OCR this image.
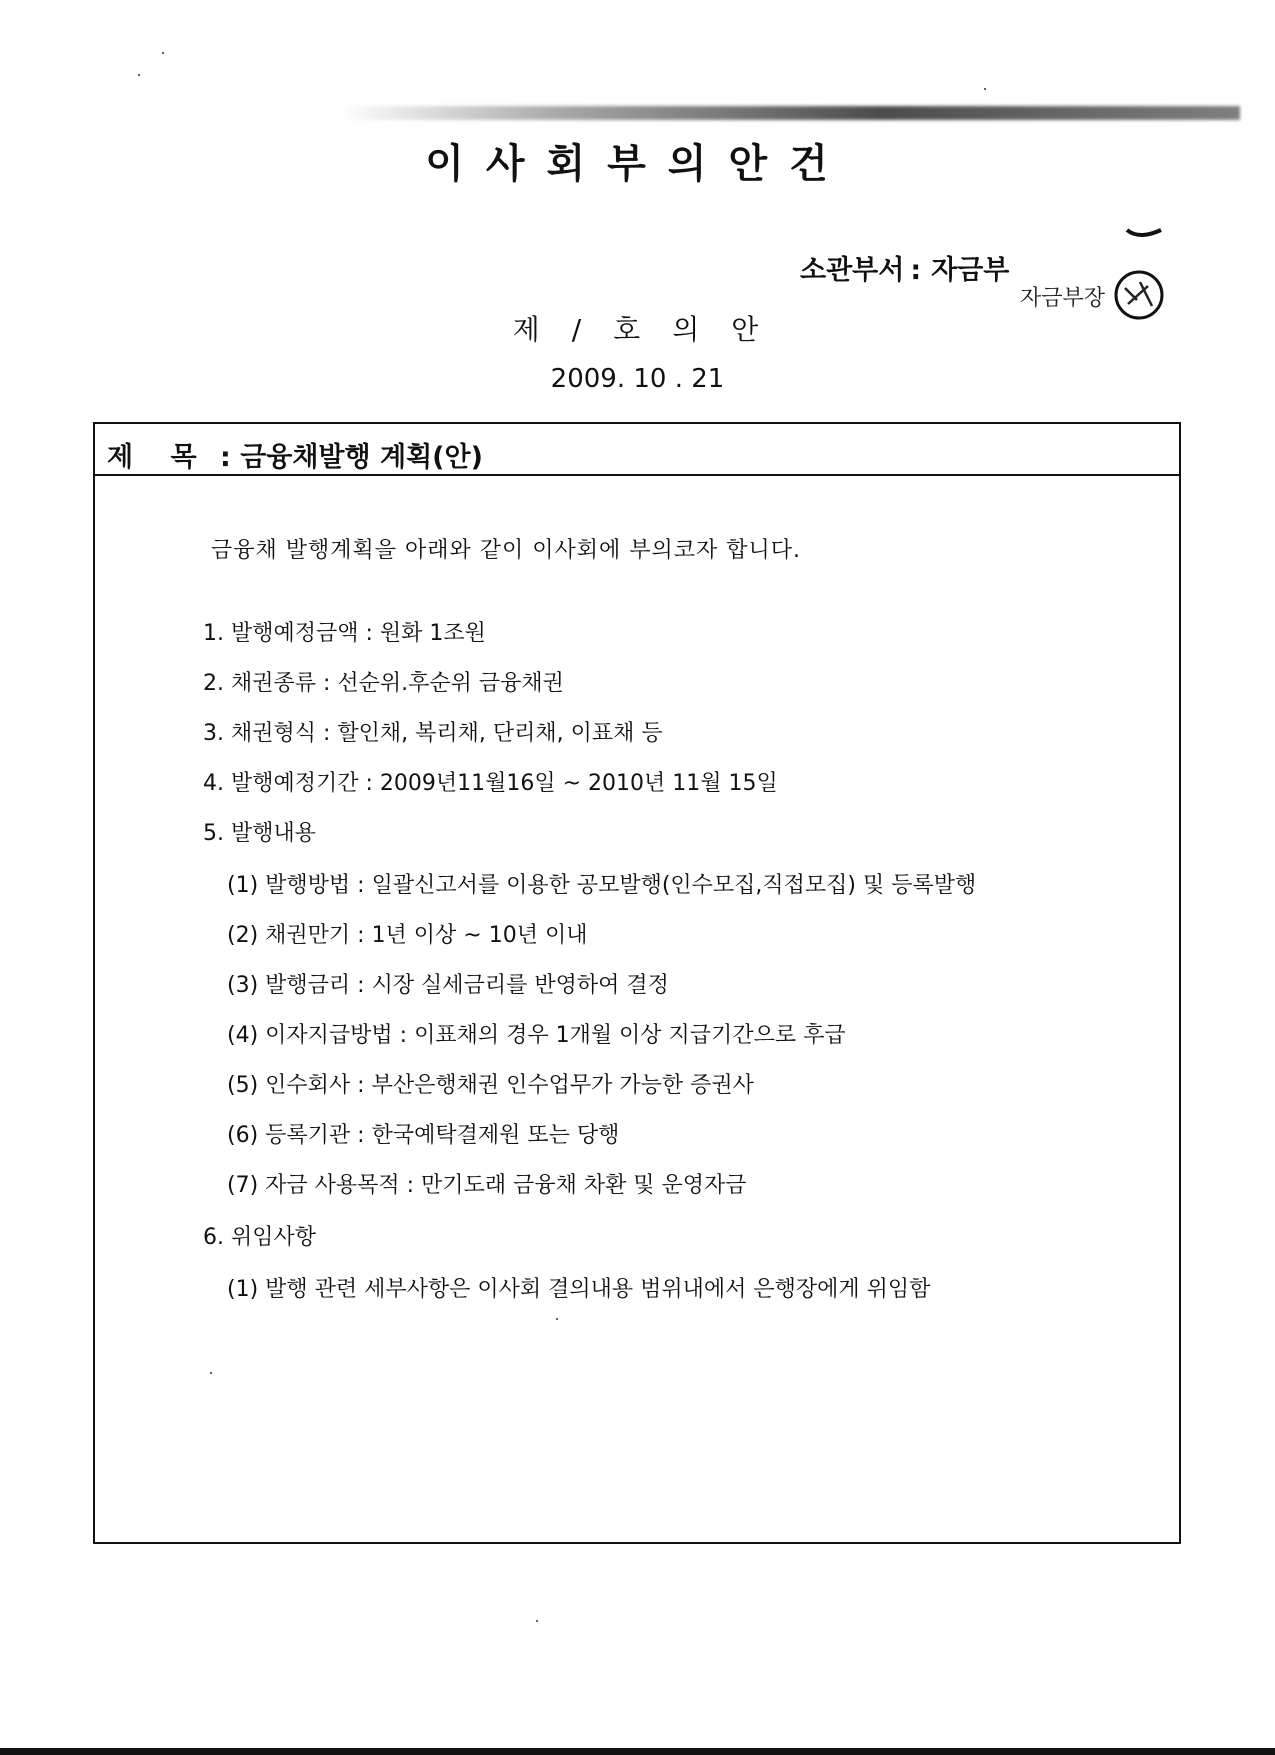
이사회부의안건
소관부서 : 자금부
자금부장
제 / 호 의 안
2009. 10 . 21
제 목 : 금융채발행 계획(안)
금융채 발행계획을 아래와 같이 이사회에 부의코자 합니다.
1. 발행예정금액 : 원화 1조원
2. 채권종류 : 선순위.후순위 금융채권
3. 채권형식 : 할인채, 복리채, 단리채, 이표채 등
4. 발행예정기간 : 2009년11월16일 ~ 2010년 11월 15일
5. 발행내용
(1) 발행방법 : 일괄신고서를 이용한 공모발행(인수모집,직접모집) 및 등록발행
(2) 채권만기 : 1년 이상 ~ 10년 이내
(3) 발행금리 : 시장 실세금리를 반영하여 결정
(4) 이자지급방법 : 이표채의 경우 1개월 이상 지급기간으로 후급
(5) 인수회사 : 부산은행채권 인수업무가 가능한 증권사
(6) 등록기관 : 한국예탁결제원 또는 당행
(7) 자금 사용목적 : 만기도래 금융채 차환 및 운영자금
6. 위임사항
(1) 발행 관련 세부사항은 이사회 결의내용 범위내에서 은행장에게 위임함
